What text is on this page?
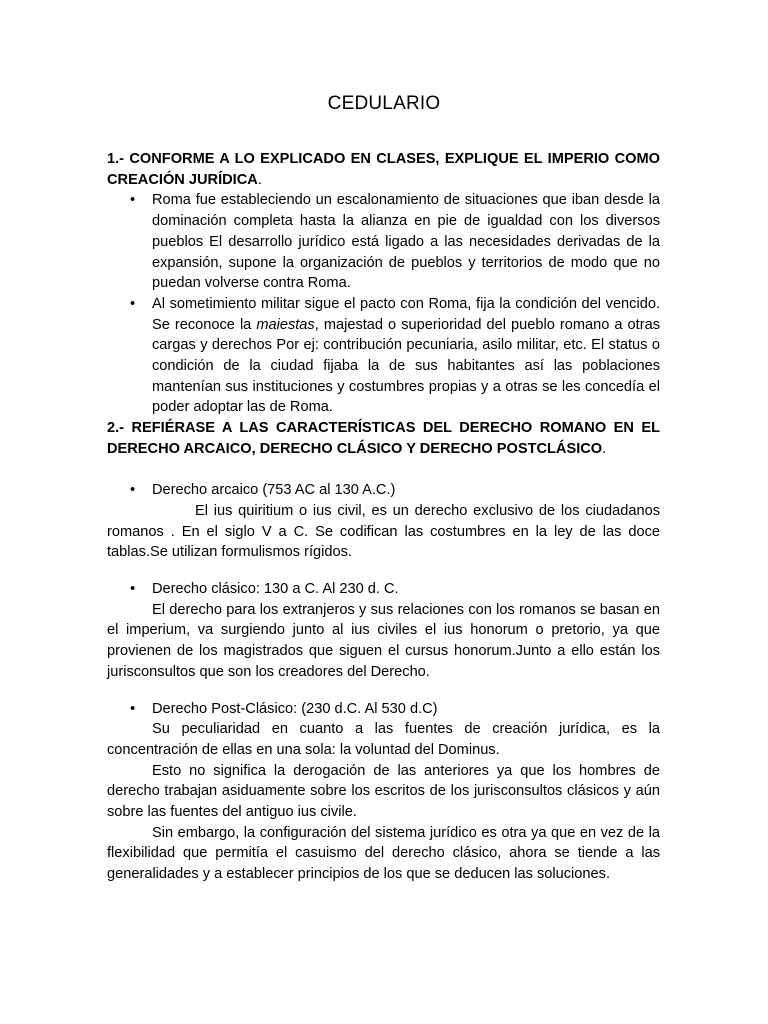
CEDULARIO

1.- CONFORME A LO EXPLICADO EN CLASES, EXPLIQUE EL IMPERIO COMO CREACIÓN JURÍDICA.

• Roma fue estableciendo un escalonamiento de situaciones que iban desde la dominación completa hasta la alianza en pie de igualdad con los diversos pueblos El desarrollo jurídico está ligado a las necesidades derivadas de la expansión, supone la organización de pueblos y territorios de modo que no puedan volverse contra Roma.
• Al sometimiento militar sigue el pacto con Roma, fija la condición del vencido. Se reconoce la maiestas, majestad o superioridad del pueblo romano a otras cargas y derechos Por ej: contribución pecuniaria, asilo militar, etc. El status o condición de la ciudad fijaba la de sus habitantes así las poblaciones mantenían sus instituciones y costumbres propias y a otras se les concedía el poder adoptar las de Roma.

2.- REFIÉRASE A LAS CARACTERÍSTICAS DEL DERECHO ROMANO EN EL DERECHO ARCAICO, DERECHO CLÁSICO Y DERECHO POSTCLÁSICO.

• Derecho arcaico (753 AC al 130 A.C.)

El ius quiritium o ius civil, es un derecho exclusivo de los ciudadanos romanos . En el siglo V a C. Se codifican las costumbres en la ley de las doce tablas.Se utilizan formulismos rígidos.

• Derecho clásico: 130 a C. Al 230 d. C.

El derecho para los extranjeros y sus relaciones con los romanos se basan en el imperium, va surgiendo junto al ius civiles el ius honorum o pretorio, ya que provienen de los magistrados que siguen el cursus honorum.Junto a ello están los jurisconsultos que son los creadores del Derecho.

• Derecho Post-Clásico: (230 d.C. Al 530 d.C)

Su peculiaridad en cuanto a las fuentes de creación jurídica, es la concentración de ellas en una sola: la voluntad del Dominus.

Esto no significa la derogación de las anteriores ya que los hombres de derecho trabajan asiduamente sobre los escritos de los jurisconsultos clásicos y aún sobre las fuentes del antiguo ius civile.

Sin embargo, la configuración del sistema jurídico es otra ya que en vez de la flexibilidad que permitía el casuismo del derecho clásico, ahora se tiende a las generalidades y a establecer principios de los que se deducen las soluciones.
